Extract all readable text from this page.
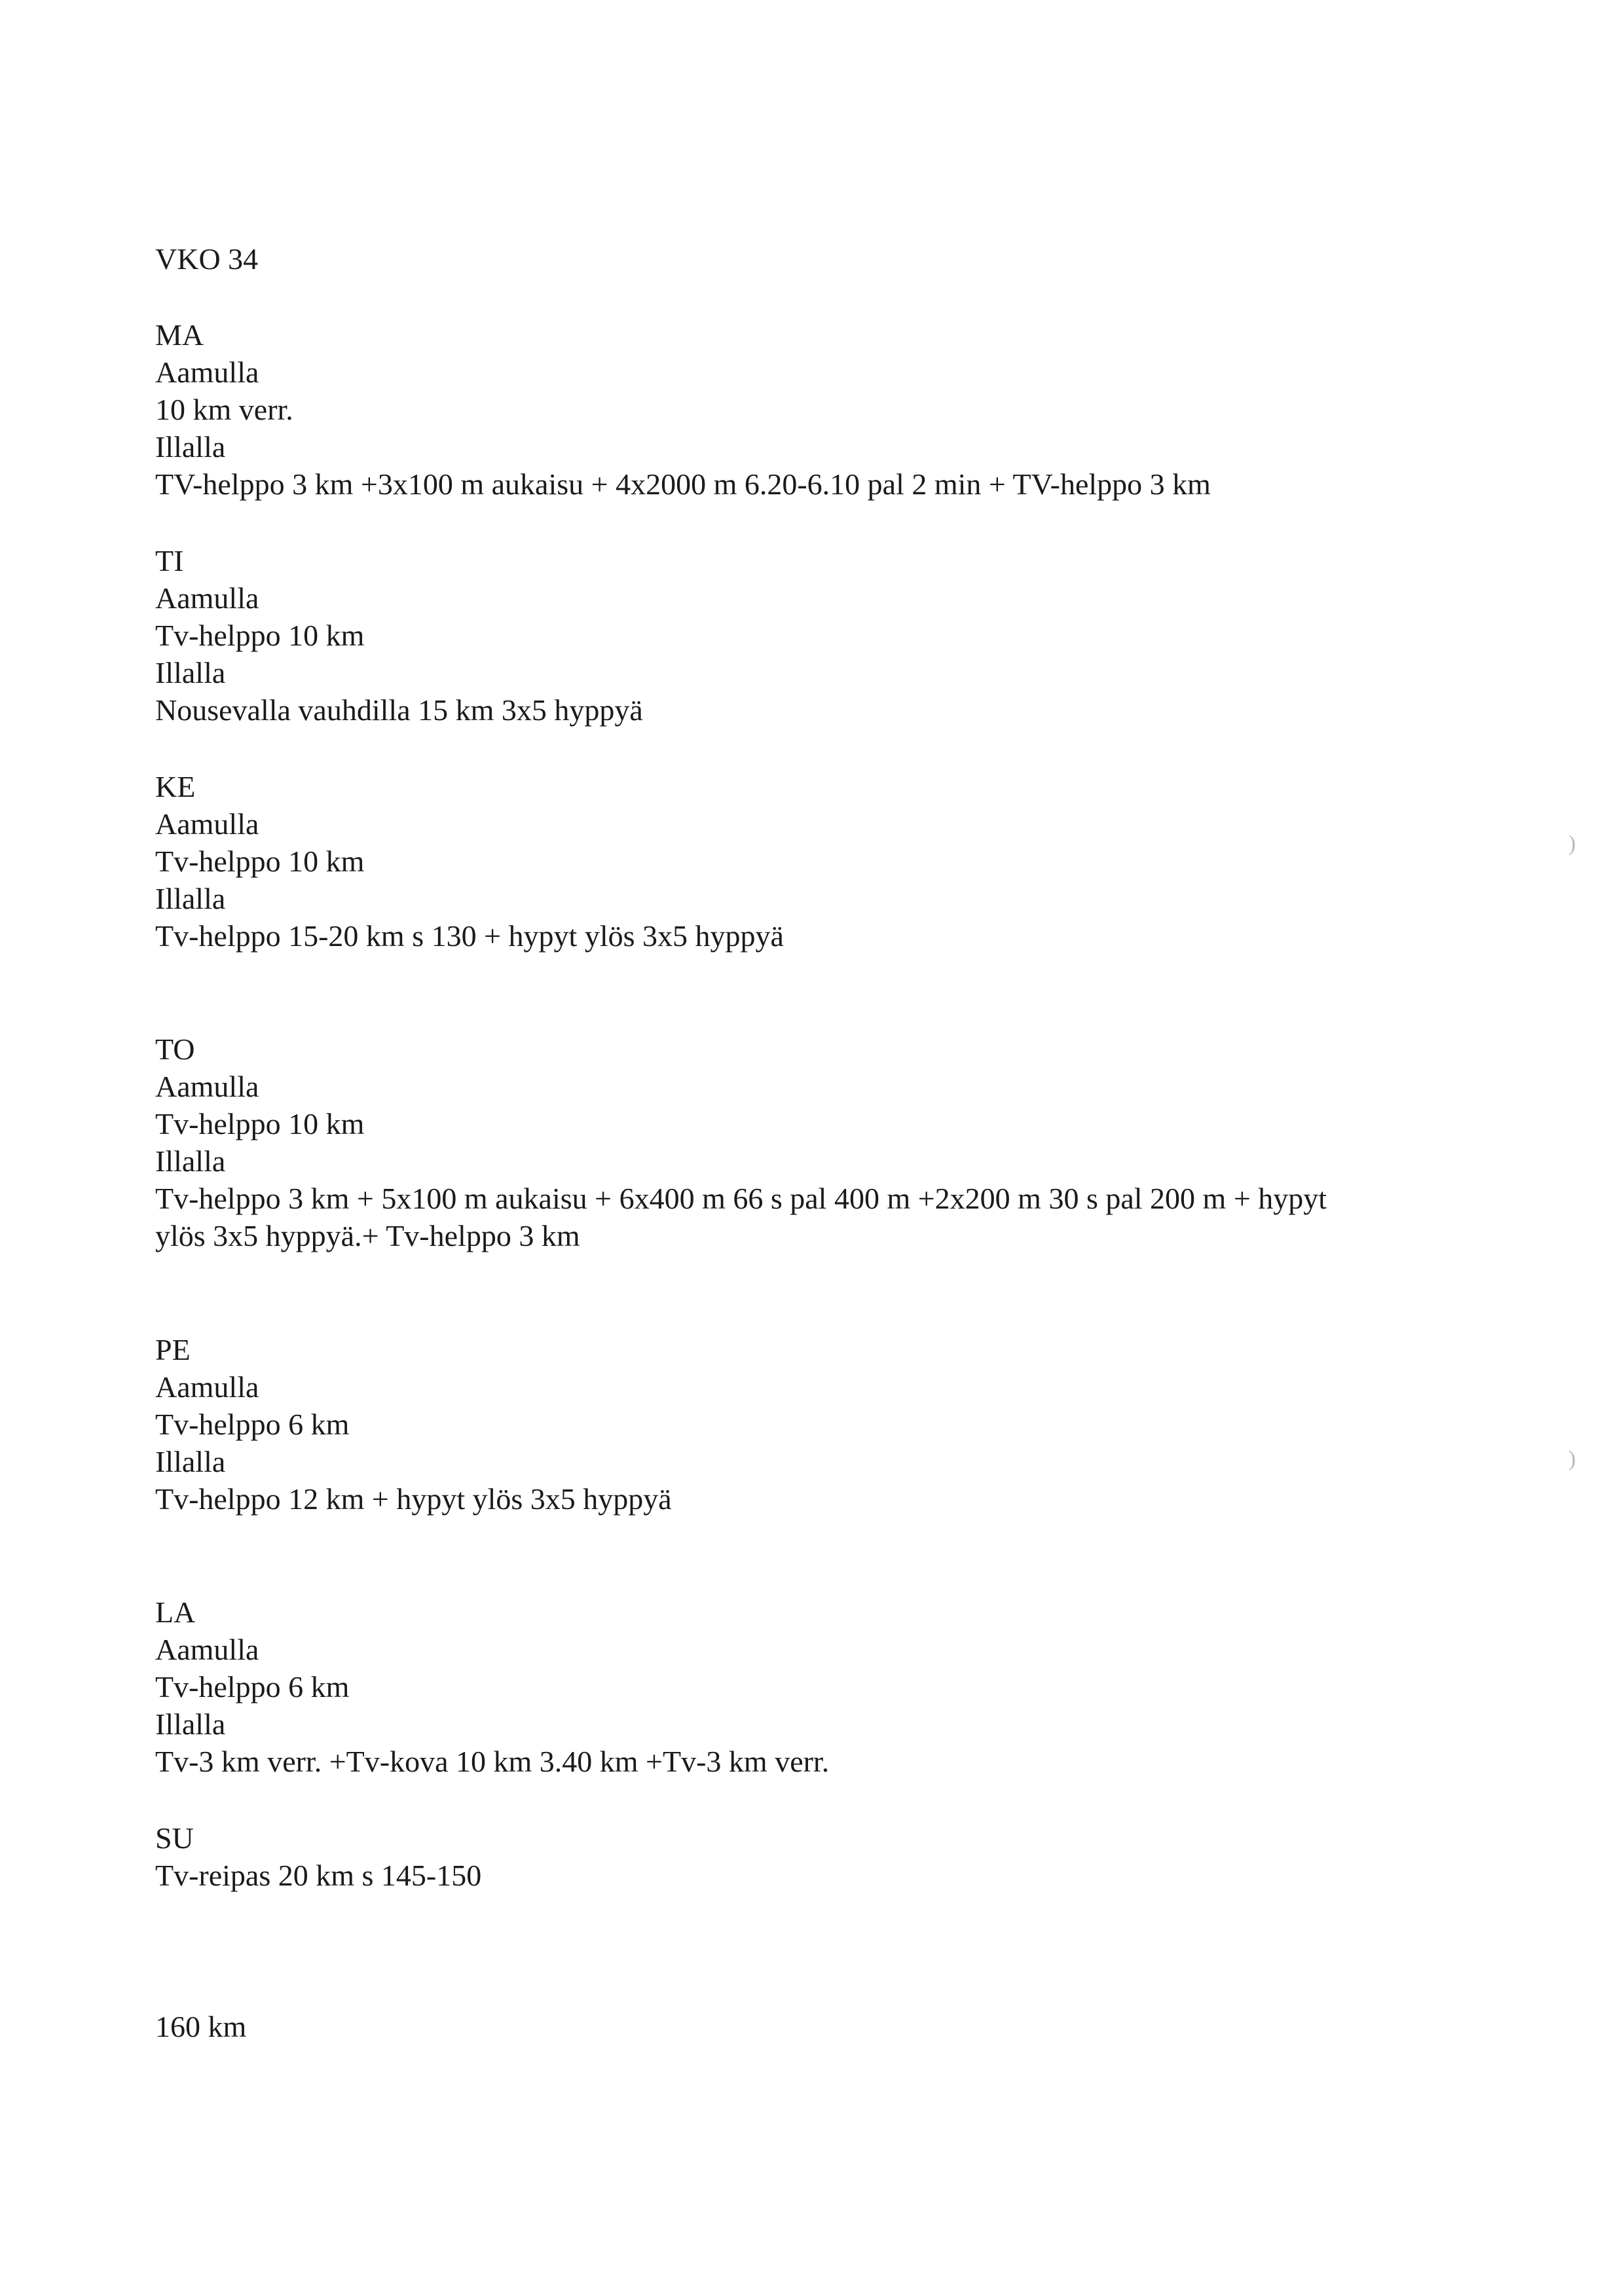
VKO 34
MA
Aamulla
10 km verr.
Illalla
TV-helppo 3 km +3x100 m aukaisu + 4x2000 m 6.20-6.10 pal 2 min + TV-helppo 3 km
TI
Aamulla
Tv-helppo 10 km
Illalla
Nousevalla vauhdilla 15 km 3x5 hyppyä
KE
Aamulla
Tv-helppo 10 km
Illalla
Tv-helppo 15-20 km s 130 + hypyt ylös 3x5 hyppyä
TO
Aamulla
Tv-helppo 10 km
Illalla
Tv-helppo 3 km + 5x100 m aukaisu + 6x400 m 66 s pal 400 m +2x200 m 30 s pal 200 m + hypyt
ylös 3x5 hyppyä.+ Tv-helppo 3 km
PE
Aamulla
Tv-helppo 6 km
Illalla
Tv-helppo 12 km + hypyt ylös 3x5 hyppyä
LA
Aamulla
Tv-helppo 6 km
Illalla
Tv-3 km verr. +Tv-kova 10 km 3.40 km +Tv-3 km verr.
SU
Tv-reipas 20 km s 145-150
160 km
)
)
